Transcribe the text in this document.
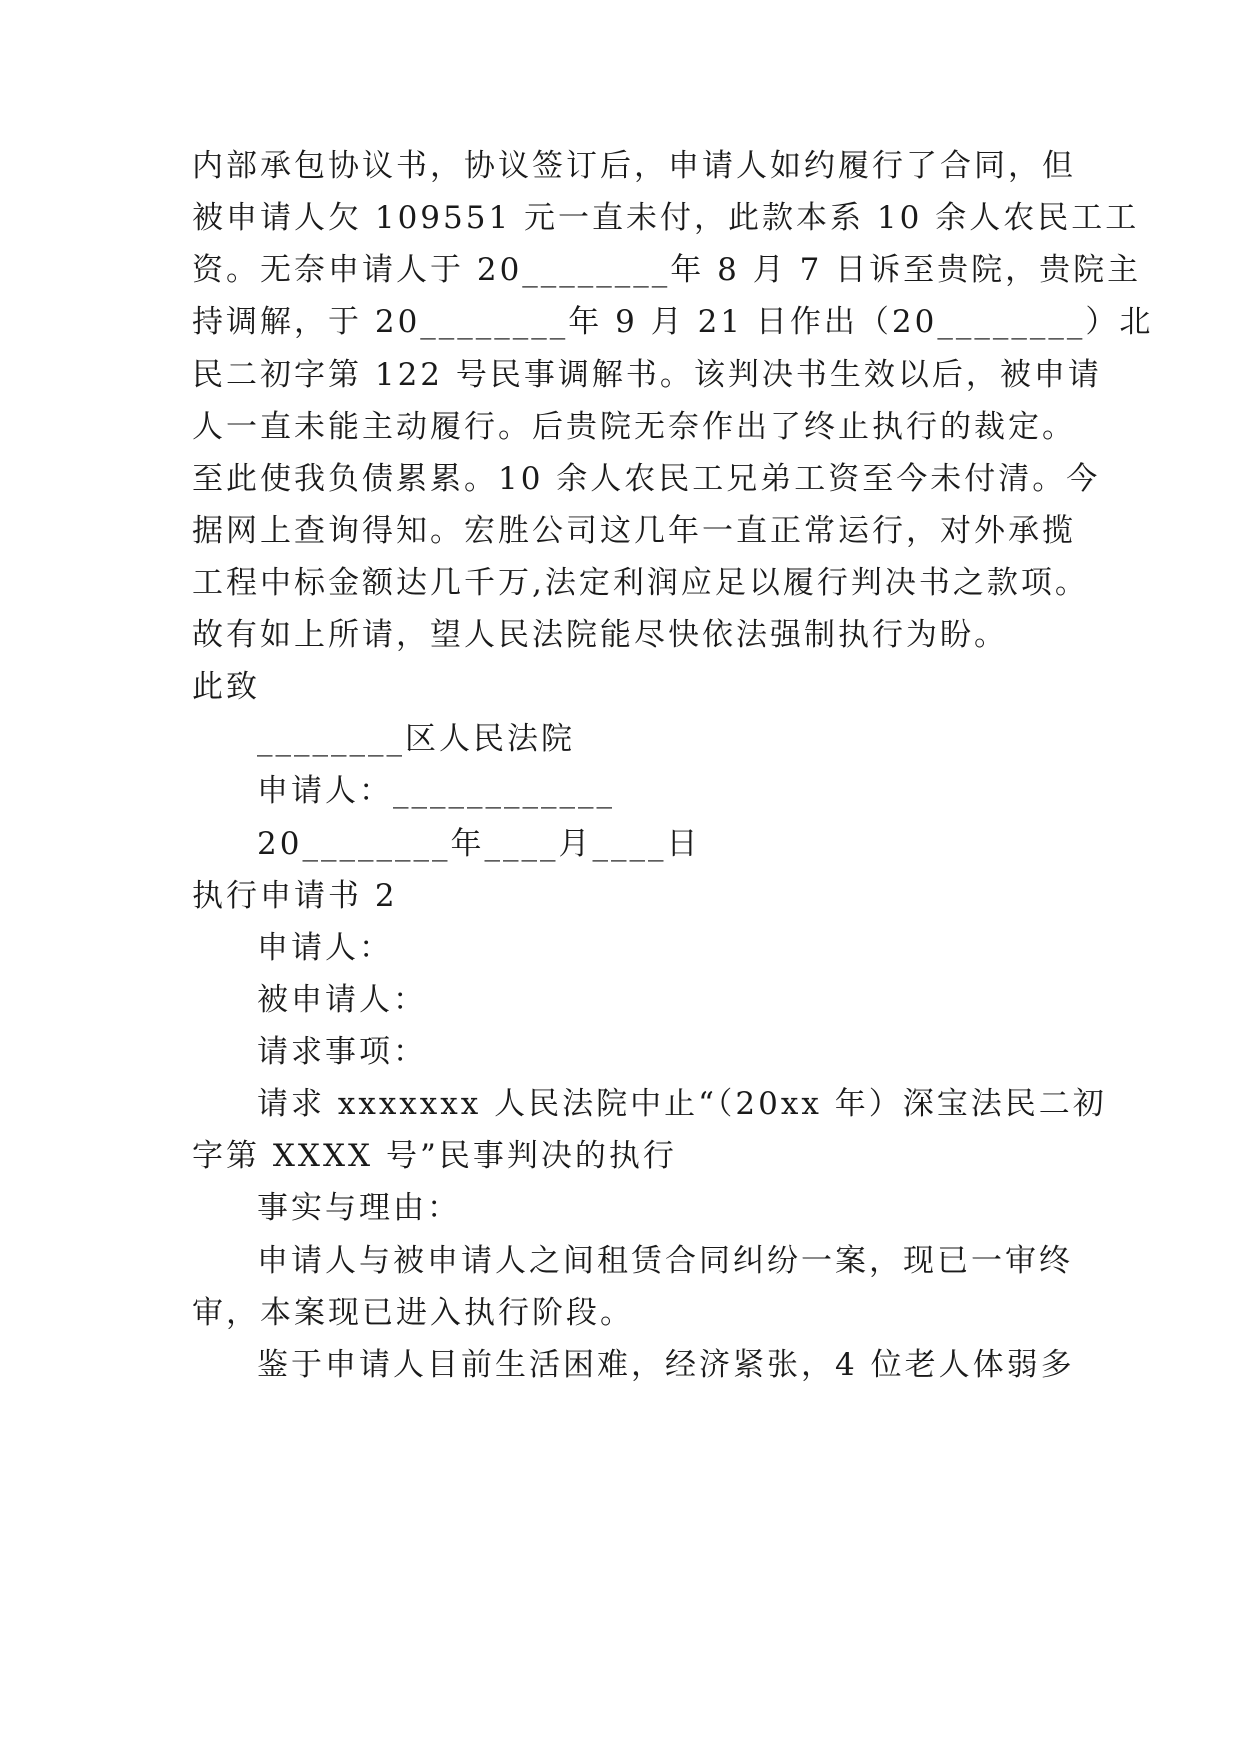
内部承包协议书，协议签订后，申请人如约履行了合同，但
被申请人欠 109551 元一直未付，此款本系 10 余人农民工工
资。无奈申请人于 20________年 8 月 7 日诉至贵院，贵院主
持调解，于 20________年 9 月 21 日作出（20________）北
民二初字第 122 号民事调解书。该判决书生效以后，被申请
人一直未能主动履行。后贵院无奈作出了终止执行的裁定。
至此使我负债累累。10 余人农民工兄弟工资至今未付清。今
据网上查询得知。宏胜公司这几年一直正常运行，对外承揽
工程中标金额达几千万,法定利润应足以履行判决书之款项。
故有如上所请，望人民法院能尽快依法强制执行为盼。
此致
________区人民法院
申请人：____________
20________年____月____日
执行申请书 2
申请人：
被申请人：
请求事项：
请求 xxxxxxx 人民法院中止“（20xx 年）深宝法民二初
字第 XXXX 号”民事判决的执行
事实与理由：
申请人与被申请人之间租赁合同纠纷一案，现已一审终
审，本案现已进入执行阶段。
鉴于申请人目前生活困难，经济紧张，4 位老人体弱多
